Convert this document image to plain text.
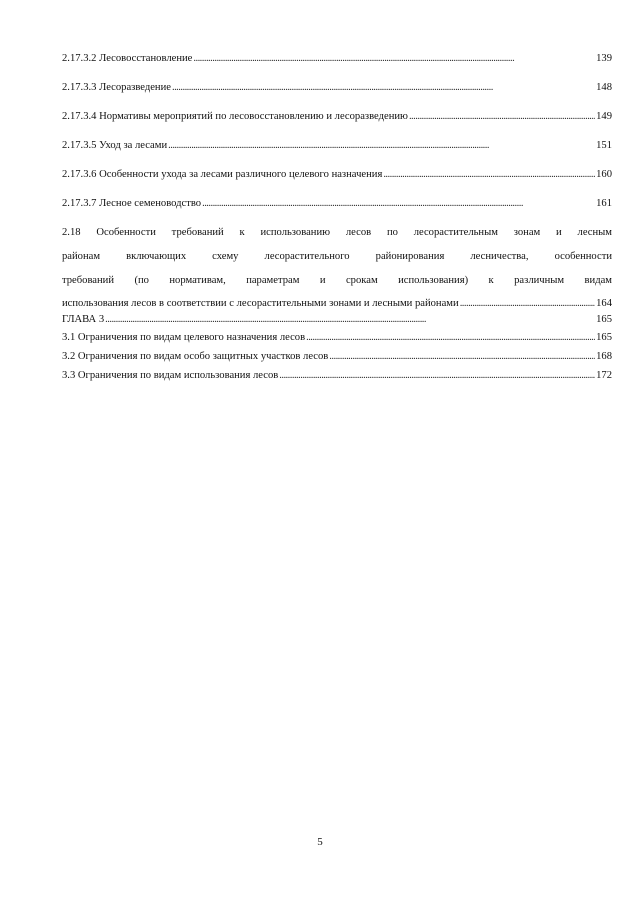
2.17.3.2 Лесовосстановление . . .	139
2.17.3.3 Лесоразведение . . .	148
2.17.3.4 Нормативы мероприятий по лесовосстановлению и лесоразведению . . .	149
2.17.3.5 Уход за лесами . . .	151
2.17.3.6 Особенности ухода за лесами различного целевого назначения . . .	160
2.17.3.7 Лесное семеноводство . . .	161
2.18 Особенности требований к использованию лесов по лесорастительным зонам и лесным
районам включающих схему лесорастительного районирования лесничества, особенности
требований (по нормативам, параметрам и срокам использования) к различным видам
использования лесов в соответствии с лесорастительными зонами и лесными районами . . .	164
ГЛАВА 3 . . .	165
3.1 Ограничения по видам целевого назначения лесов . . .	165
3.2 Ограничения по видам особо защитных участков лесов . . .	168
3.3 Ограничения по видам использования лесов . . .	172
5
